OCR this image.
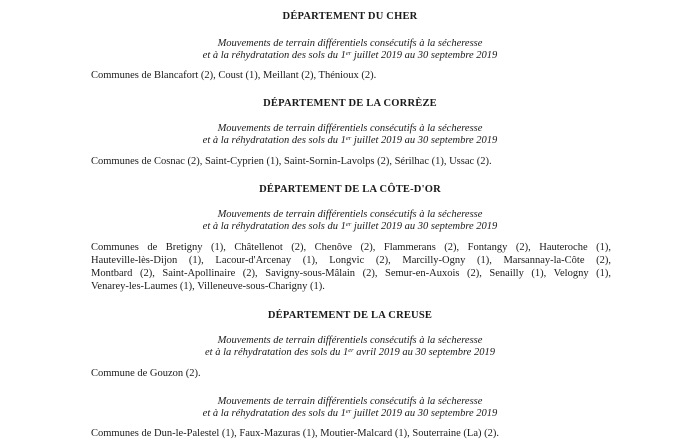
DÉPARTEMENT DU CHER

Mouvements de terrain différentiels consécutifs à la sécheresse

et à la réhydratation des sols du 1er juillet 2019 au 30 septembre 2019

Communes de Blancafort (2), Coust (1), Meillant (2), Thénioux (2).

DÉPARTEMENT DE LA CORRÈZE

Mouvements de terrain différentiels consécutifs à la sécheresse

et à la réhydratation des sols du 1er juillet 2019 au 30 septembre 2019

Communes de Cosnac (2), Saint-Cyprien (1), Saint-Sornin-Lavolps (2), Sérilhac (1), Ussac (2).

DÉPARTEMENT DE LA CÔTE-D'OR

Mouvements de terrain différentiels consécutifs à la sécheresse

et à la réhydratation des sols du 1er juillet 2019 au 30 septembre 2019

Communes de Bretigny (1), Châtellenot (2), Chenôve (2), Flammerans (2), Fontangy (2), Hauteroche (1),

Hauteville-lès-Dijon (1), Lacour-d'Arcenay (1), Longvic (2), Marcilly-Ogny (1), Marsannay-la-Côte (2),

Montbard (2), Saint-Apollinaire (2), Savigny-sous-Mâlain (2), Semur-en-Auxois (2), Senailly (1), Velogny (1),

Venarey-les-Laumes (1), Villeneuve-sous-Charigny (1).

DÉPARTEMENT DE LA CREUSE

Mouvements de terrain différentiels consécutifs à la sécheresse

et à la réhydratation des sols du 1er avril 2019 au 30 septembre 2019

Commune de Gouzon (2).

Mouvements de terrain différentiels consécutifs à la sécheresse

et à la réhydratation des sols du 1er juillet 2019 au 30 septembre 2019

Communes de Dun-le-Palestel (1), Faux-Mazuras (1), Moutier-Malcard (1), Souterraine (La) (2).
